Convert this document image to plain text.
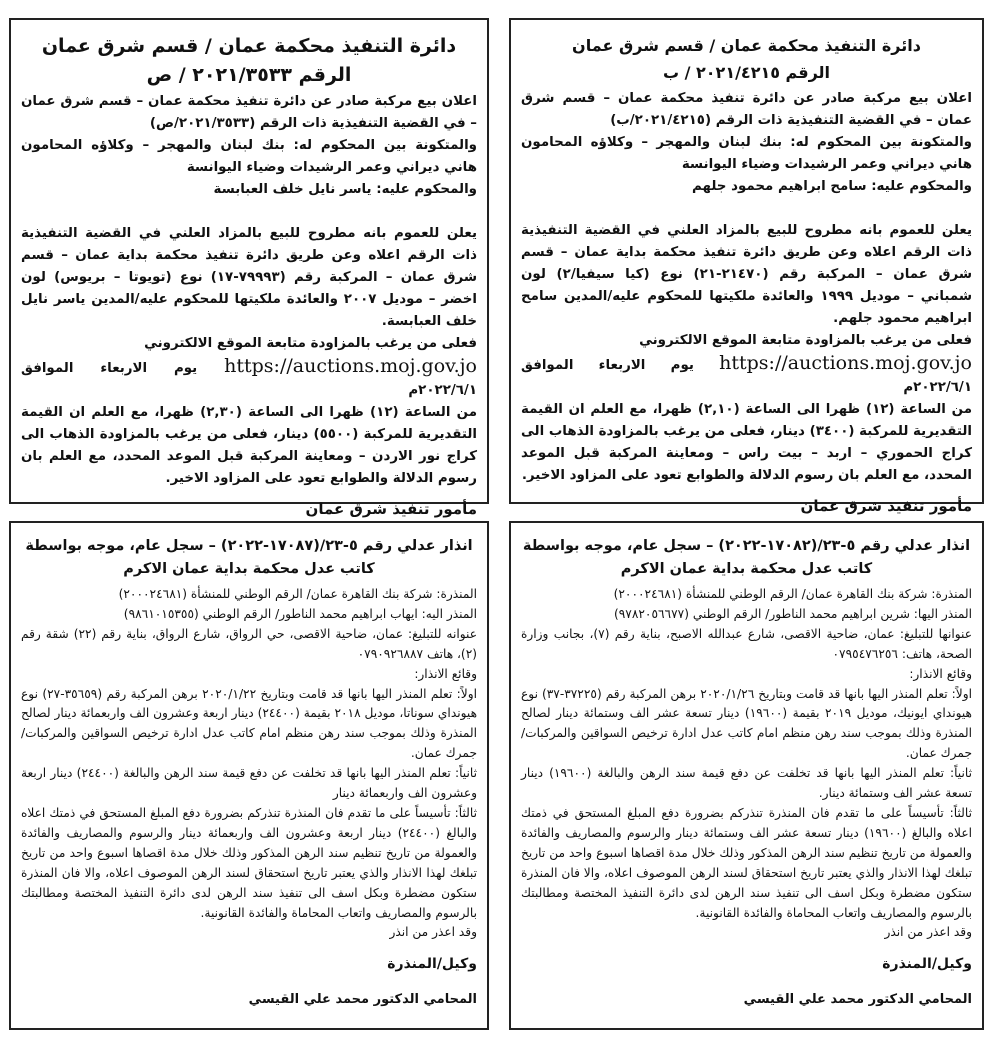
دائرة التنفيذ محكمة عمان / قسم شرق عمان

الرقم ٢٠٢١/٤٢١٥ / ب

اعلان بيع مركبة صادر عن دائرة تنفيذ محكمة عمان – قسم شرق عمان – في القضية التنفيذية ذات الرقم (٢٠٢١/٤٢١٥/ب)

والمتكونة بين المحكوم له: بنك لبنان والمهجر – وكلاؤه المحامون هاني ديراني وعمر الرشيدات وضياء اليوانسة

والمحكوم عليه: سامح ابراهيم محمود جلهم

يعلن للعموم بانه مطروح للبيع بالمزاد العلني في القضية التنفيذية ذات الرقم اعلاه وعن طريق دائرة تنفيذ محكمة بداية عمان – قسم شرق عمان – المركبة رقم (٢١٤٧٠-٢١) نوع (كيا سيفيا/٢) لون شمباني – موديل ١٩٩٩ والعائدة ملكيتها للمحكوم عليه/المدين سامح ابراهيم محمود جلهم.

فعلى من يرغب بالمزاودة متابعة الموقع الالكتروني

https://auctions.moj.gov.jo يوم الاربعاء الموافق ٢٠٢٢/٦/١م

من الساعة (١٢) ظهرا الى الساعة (٢,١٠) ظهرا، مع العلم ان القيمة التقديرية للمركبة (٣٤٠٠) دينار، فعلى من يرغب بالمزاودة الذهاب الى كراج الحموري – اربد – بيت راس – ومعاينة المركبة قبل الموعد المحدد، مع العلم بان رسوم الدلالة والطوابع تعود على المزاود الاخير.

مأمور تنفيذ شرق عمان

دائرة التنفيذ محكمة عمان / قسم شرق عمان

الرقم ٢٠٢١/٣٥٣٣ / ص

اعلان بيع مركبة صادر عن دائرة تنفيذ محكمة عمان – قسم شرق عمان – في القضية التنفيذية ذات الرقم (٢٠٢١/٣٥٣٣/ص)

والمتكونة بين المحكوم له: بنك لبنان والمهجر – وكلاؤه المحامون هاني ديراني وعمر الرشيدات وضياء اليوانسة

والمحكوم عليه: ياسر نايل خلف العبابسة

يعلن للعموم بانه مطروح للبيع بالمزاد العلني في القضية التنفيذية ذات الرقم اعلاه وعن طريق دائرة تنفيذ محكمة بداية عمان – قسم شرق عمان – المركبة رقم (٧٩٩٩٣-١٧) نوع (تويوتا – بريوس) لون اخضر – موديل ٢٠٠٧ والعائدة ملكيتها للمحكوم عليه/المدين ياسر نايل خلف العبابسة.

فعلى من يرغب بالمزاودة متابعة الموقع الالكتروني

https://auctions.moj.gov.jo يوم الاربعاء الموافق ٢٠٢٢/٦/١م

من الساعة (١٢) ظهرا الى الساعة (٢,٣٠) ظهرا، مع العلم ان القيمة التقديرية للمركبة (٥٥٠٠) دينار، فعلى من يرغب بالمزاودة الذهاب الى كراج نور الاردن – ومعاينة المركبة قبل الموعد المحدد، مع العلم بان رسوم الدلالة والطوابع تعود على المزاود الاخير.

مأمور تنفيذ شرق عمان

انذار عدلي رقم ٥-٢٣/(١٧٠٨٢-٢٠٢٢) – سجل عام، موجه بواسطة كاتب عدل محكمة بداية عمان الاكرم

المنذرة: شركة بنك القاهرة عمان/ الرقم الوطني للمنشأة (٢٠٠٠٢٤٦٨١)

المنذر اليها: شرين ابراهيم محمد الناطور/ الرقم الوطني (٩٧٨٢٠٥٦٦٧٧)

عنوانها للتبليغ: عمان، ضاحية الاقصى، شارع عبدالله الاصبح، بناية رقم (٧)، بجانب وزارة الصحة، هاتف: ٠٧٩٥٤٧٦٢٥٦

وقائع الانذار:

اولاً: تعلم المنذر اليها بانها قد قامت وبتاريخ ٢٠٢٠/١/٢٦ برهن المركبة رقم (٣٧٢٢٥-٣٧) نوع هيونداي ايونيك، موديل ٢٠١٩ بقيمة (١٩٦٠٠) دينار تسعة عشر الف وستمائة دينار لصالح المنذرة وذلك بموجب سند رهن منظم امام كاتب عدل ادارة ترخيص السواقين والمركبات/ جمرك عمان.

ثانياً: تعلم المنذر اليها بانها قد تخلفت عن دفع قيمة سند الرهن والبالغة (١٩٦٠٠) دينار تسعة عشر الف وستمائة دينار.

ثالثاً: تأسيساً على ما تقدم فان المنذرة تنذركم بضرورة دفع المبلغ المستحق في ذمتك اعلاه والبالغ (١٩٦٠٠) دينار تسعة عشر الف وستمائة دينار والرسوم والمصاريف والفائدة والعمولة من تاريخ تنظيم سند الرهن المذكور وذلك خلال مدة اقصاها اسبوع واحد من تاريخ تبلغك لهذا الانذار والذي يعتبر تاريخ استحقاق لسند الرهن الموصوف اعلاه، والا فان المنذرة ستكون مضطرة وبكل اسف الى تنفيذ سند الرهن لدى دائرة التنفيذ المختصة ومطالبتك بالرسوم والمصاريف واتعاب المحاماة والفائدة القانونية.

وقد اعذر من انذر

وكيل/المنذرة

المحامي الدكتور محمد علي القيسي

انذار عدلي رقم ٥-٢٣/(١٧٠٨٧-٢٠٢٢) – سجل عام، موجه بواسطة كاتب عدل محكمة بداية عمان الاكرم

المنذرة: شركة بنك القاهرة عمان/ الرقم الوطني للمنشأة (٢٠٠٠٢٤٦٨١)

المنذر اليه: ايهاب ابراهيم محمد الناطور/ الرقم الوطني (٩٨٦١٠١٥٣٥٥)

عنوانه للتبليغ: عمان، ضاحية الاقصى، حي الرواق، شارع الرواق، بناية رقم (٢٢) شقة رقم (٢)، هاتف ٠٧٩٠٩٢٦٨٨٧

وقائع الانذار:

اولاً: تعلم المنذر اليها بانها قد قامت وبتاريخ ٢٠٢٠/١/٢٢ برهن المركبة رقم (٣٥٦٥٩-٢٧) نوع هيونداي سوناتا، موديل ٢٠١٨ بقيمة (٢٤٤٠٠) دينار اربعة وعشرون الف واربعمائة دينار لصالح المنذرة وذلك بموجب سند رهن منظم امام كاتب عدل ادارة ترخيص السواقين والمركبات/ جمرك عمان.

ثانياً: تعلم المنذر اليها بانها قد تخلفت عن دفع قيمة سند الرهن والبالغة (٢٤٤٠٠) دينار اربعة وعشرون الف واربعمائة دينار

ثالثاً: تأسيساً على ما تقدم فان المنذرة تنذركم بضرورة دفع المبلغ المستحق في ذمتك اعلاه والبالغ (٢٤٤٠٠) دينار اربعة وعشرون الف واربعمائة دينار والرسوم والمصاريف والفائدة والعمولة من تاريخ تنظيم سند الرهن المذكور وذلك خلال مدة اقصاها اسبوع واحد من تاريخ تبلغك لهذا الانذار والذي يعتبر تاريخ استحقاق لسند الرهن الموصوف اعلاه، والا فان المنذرة ستكون مضطرة وبكل اسف الى تنفيذ سند الرهن لدى دائرة التنفيذ المختصة ومطالبتك بالرسوم والمصاريف واتعاب المحاماة والفائدة القانونية.

وقد اعذر من انذر

وكيل/المنذرة

المحامي الدكتور محمد علي القيسي
